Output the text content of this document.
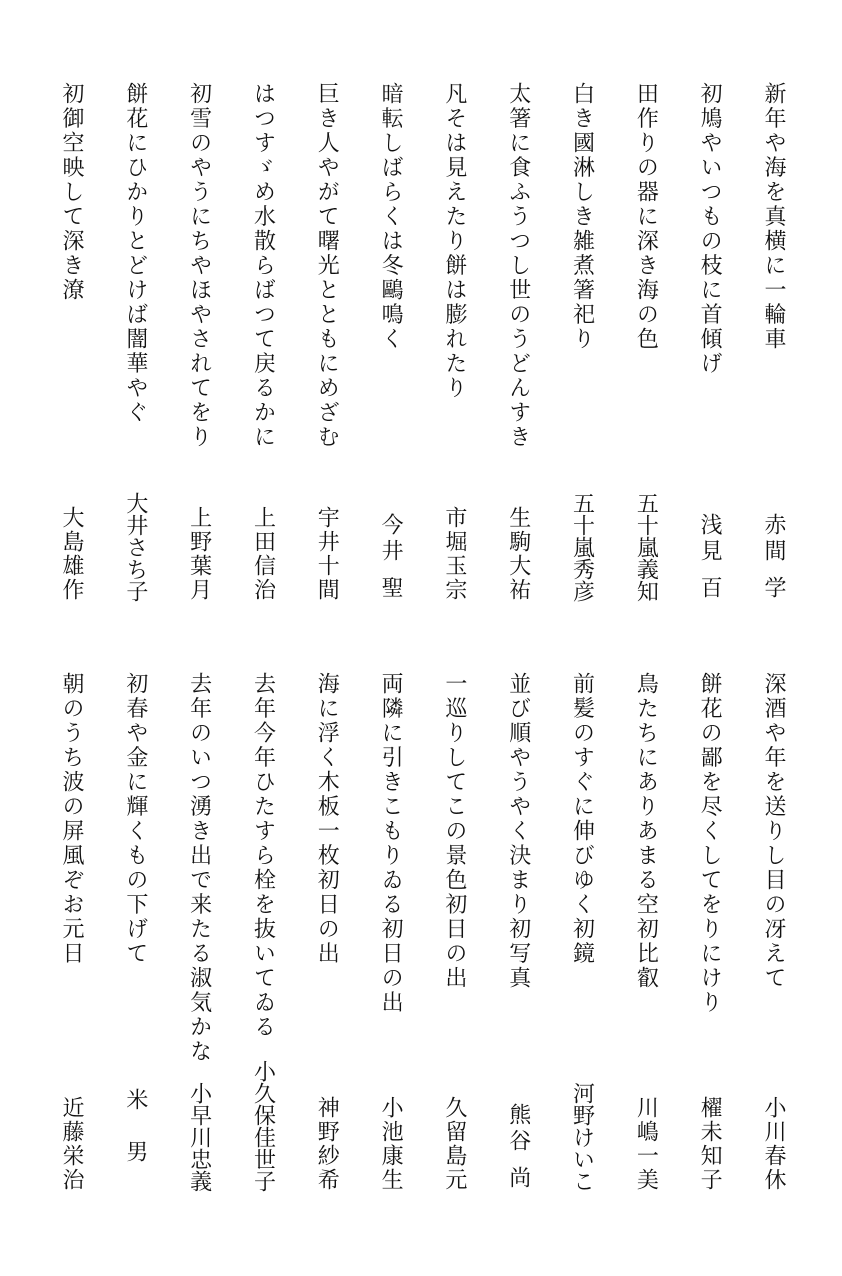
新年や海を真横に一輪車
赤間 学
初鳩やいつもの枝に首傾げ
浅見 百
田作りの器に深き海の色
五十嵐義知
白き國淋しき雑煮箸祀り
五十嵐秀彦
太箸に食ふうつし世のうどんすき
生駒大祐
凡そは見えたり餅は膨れたり
市堀玉宗
暗転しばらくは冬鷗鳴く
今井 聖
巨き人やがて曙光とともにめざむ
宇井十間
はつすゞめ水散らばつて戻るかに
上田信治
初雪のやうにちやほやされてをり
上野葉月
餅花にひかりとどけば闇華やぐ
大井さち子
初御空映して深き潦
大島雄作
深酒や年を送りし目の冴えて
小川春休
餅花の鄙を尽くしてをりにけり
櫂未知子
鳥たちにありあまる空初比叡
川嶋一美
前髪のすぐに伸びゆく初鏡
河野けいこ
並び順やうやく決まり初写真
熊谷 尚
一巡りしてこの景色初日の出
久留島元
両隣に引きこもりゐる初日の出
小池康生
海に浮く木板一枚初日の出
神野紗希
去年今年ひたすら栓を抜いてゐる
小久保佳世子
去年のいつ湧き出で来たる淑気かな
小早川忠義
初春や金に輝くもの下げて
米男
朝のうち波の屏風ぞお元日
近藤栄治
